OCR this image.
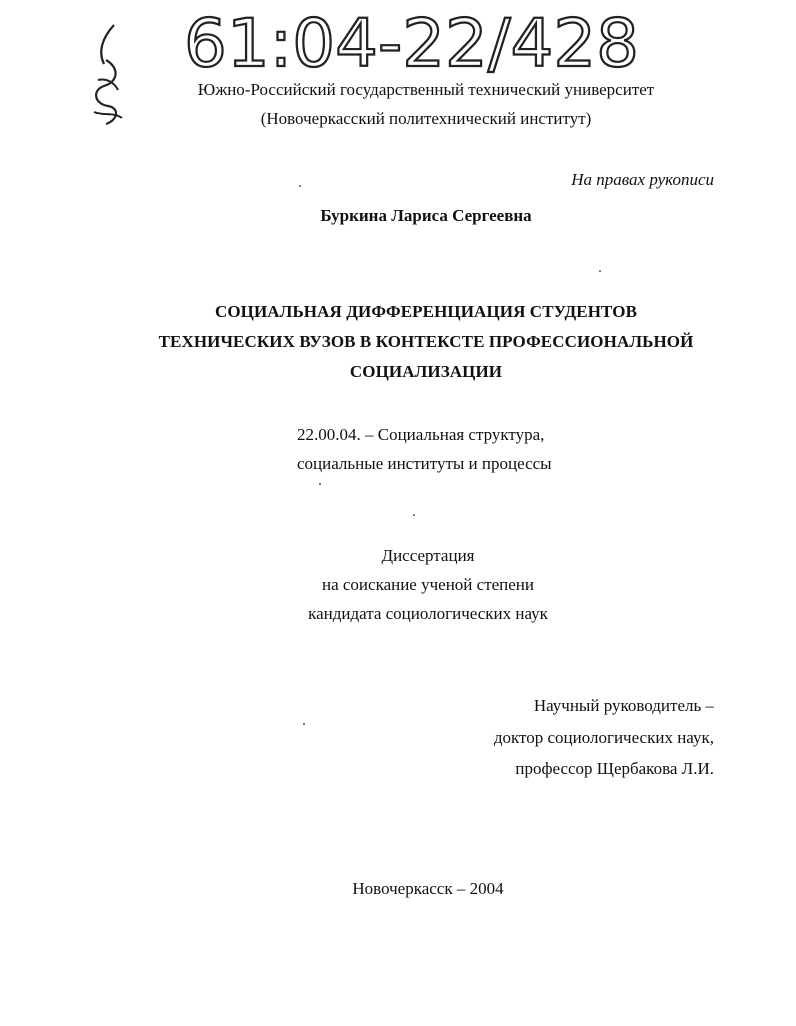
61:04-22/428

Южно-Российский государственный технический университет

(Новочеркасский политехнический институт)

На правах рукописи

Буркина Лариса Сергеевна

СОЦИАЛЬНАЯ ДИФФЕРЕНЦИАЦИЯ СТУДЕНТОВ
ТЕХНИЧЕСКИХ ВУЗОВ В КОНТЕКСТЕ ПРОФЕССИОНАЛЬНОЙ
СОЦИАЛИЗАЦИИ

22.00.04. – Социальная структура,

социальные институты и процессы

Диссертация

на соискание ученой степени

кандидата социологических наук

Научный руководитель –

доктор социологических наук,

профессор Щербакова Л.И.

Новочеркасск – 2004
